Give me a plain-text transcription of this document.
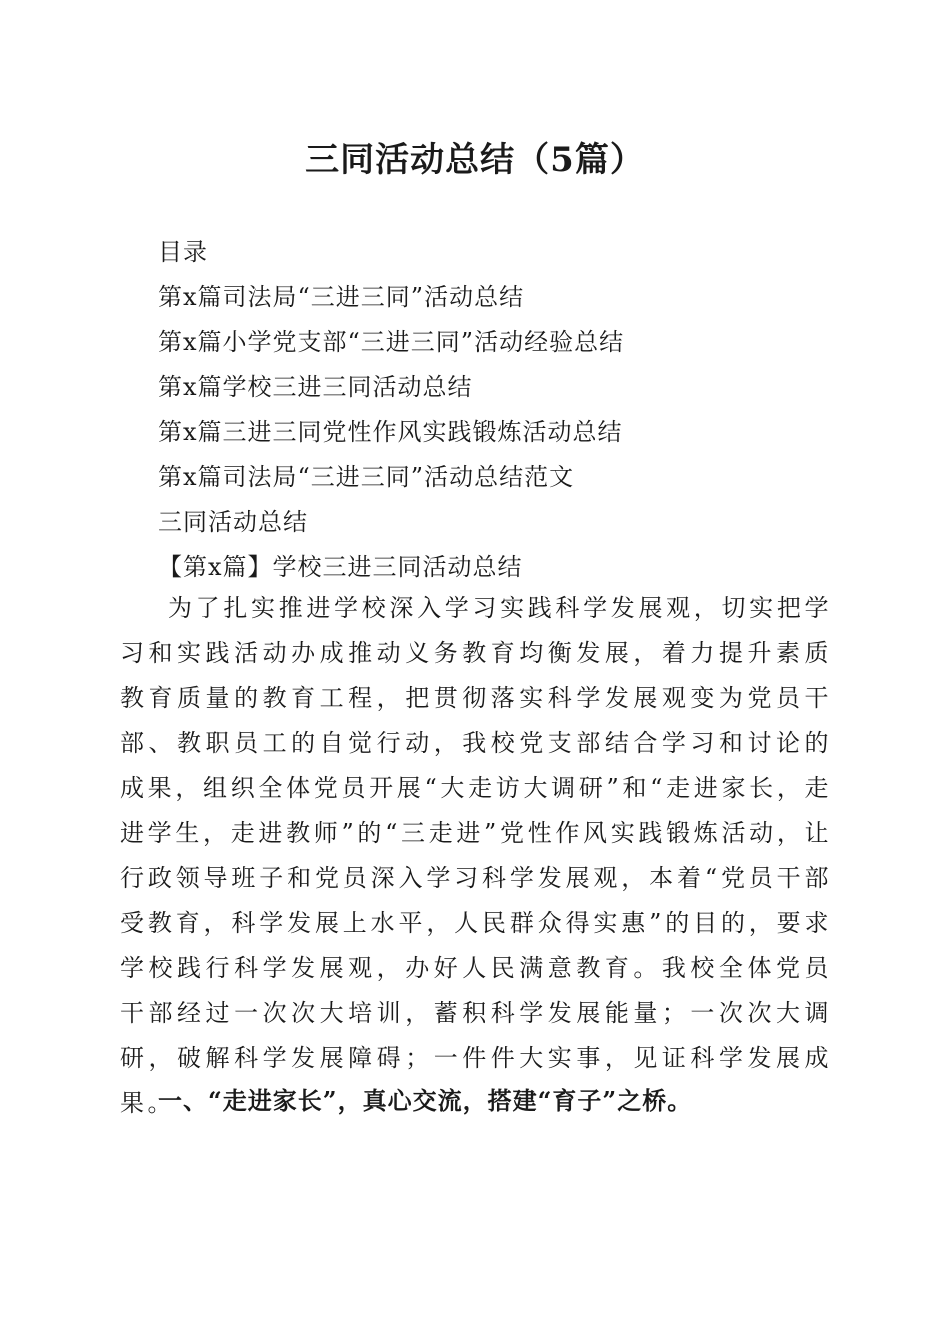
三同活动总结（5篇）
目录
第x篇司法局“三进三同”活动总结
第x篇小学党支部“三进三同”活动经验总结
第x篇学校三进三同活动总结
第x篇三进三同党性作风实践锻炼活动总结
第x篇司法局“三进三同”活动总结范文
三同活动总结
【第x篇】学校三进三同活动总结

为了扎实推进学校深入学习实践科学发展观，切实把学习和实践活动办成推动义务教育均衡发展，着力提升素质教育质量的教育工程，把贯彻落实科学发展观变为党员干部、教职员工的自觉行动，我校党支部结合学习和讨论的成果，组织全体党员开展“大走访大调研”和“走进家长，走进学生，走进教师”的“三走进”党性作风实践锻炼活动，让行政领导班子和党员深入学习科学发展观，本着“党员干部受教育，科学发展上水平，人民群众得实惠”的目的，要求学校践行科学发展观，办好人民满意教育。我校全体党员干部经过一次次大培训，蓄积科学发展能量；一次次大调研，破解科学发展障碍；一件件大实事，见证科学发展成果。

一、“走进家长”，真心交流，搭建“育子”之桥。
